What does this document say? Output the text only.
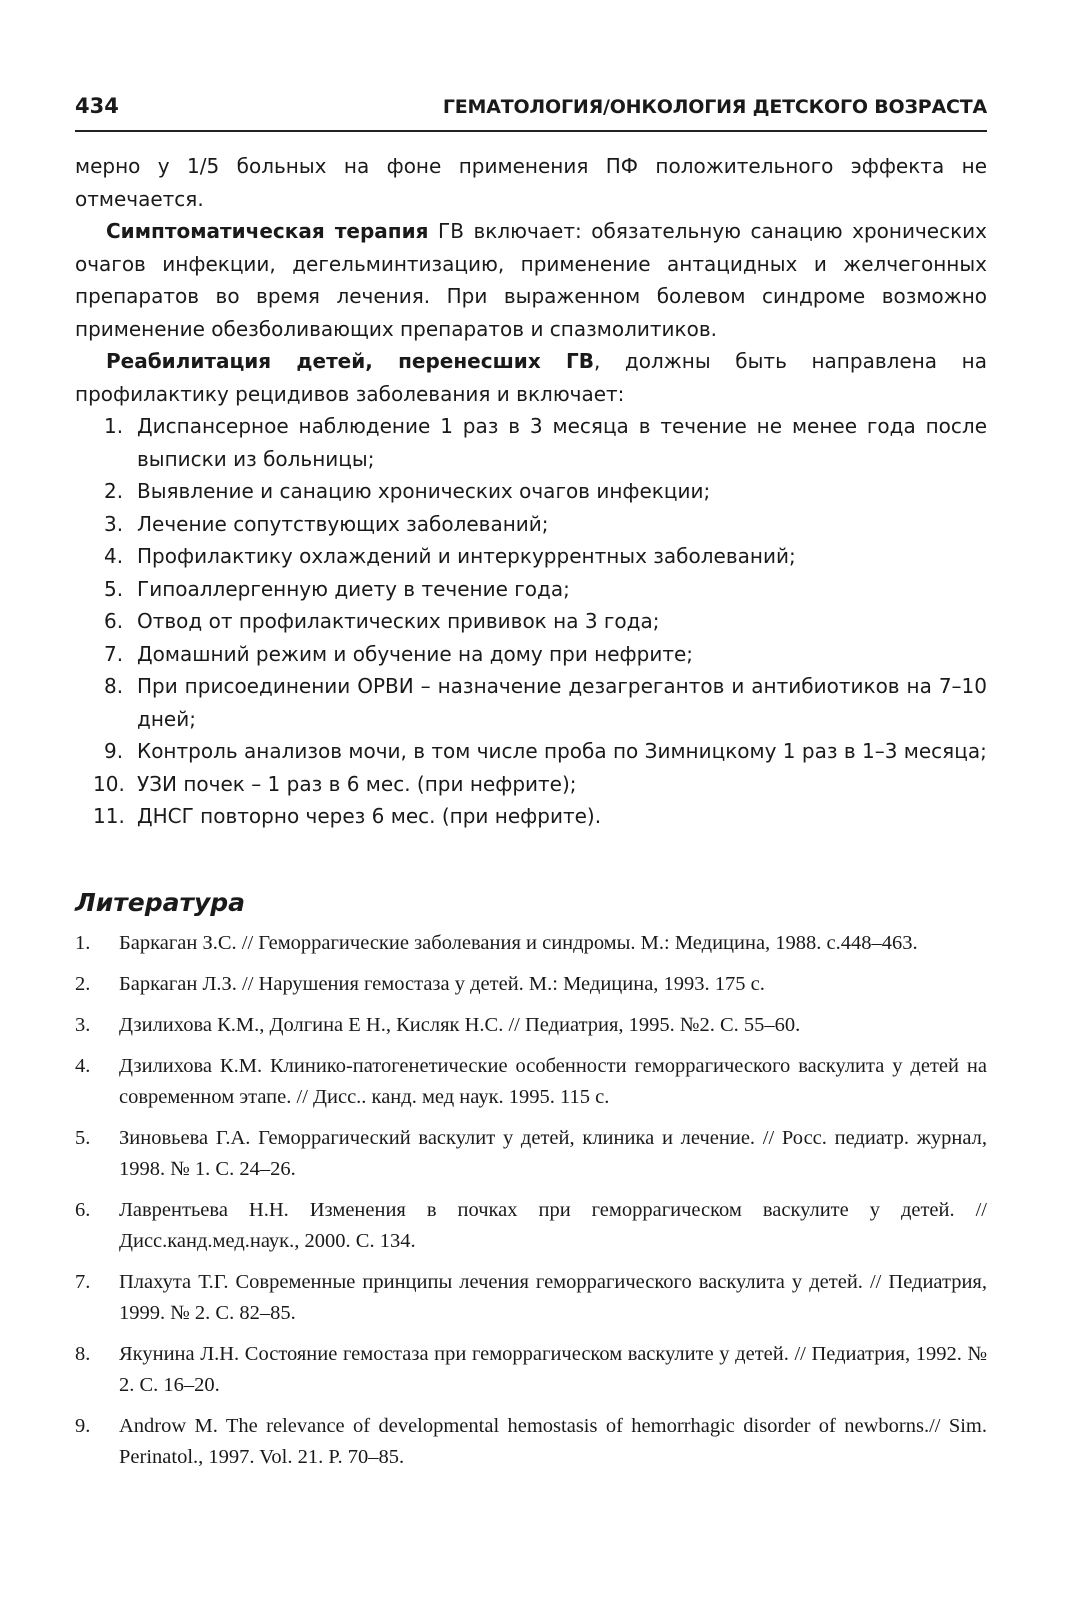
434	ГЕМАТОЛОГИЯ/ОНКОЛОГИЯ ДЕТСКОГО ВОЗРАСТА

мерно у 1/5 больных на фоне применения ПФ положительного эффекта не отмечается.

Симптоматическая терапия ГВ включает: обязательную санацию хронических очагов инфекции, дегельминтизацию, применение антацидных и желчегонных препаратов во время лечения. При выраженном болевом синдроме возможно применение обезболивающих препаратов и спазмолитиков.

Реабилитация детей, перенесших ГВ, должны быть направлена на профилактику рецидивов заболевания и включает:

1. Диспансерное наблюдение 1 раз в 3 месяца в течение не менее года после выписки из больницы;
2. Выявление и санацию хронических очагов инфекции;
3. Лечение сопутствующих заболеваний;
4. Профилактику охлаждений и интеркуррентных заболеваний;
5. Гипоаллергенную диету в течение года;
6. Отвод от профилактических прививок на 3 года;
7. Домашний режим и обучение на дому при нефрите;
8. При присоединении ОРВИ – назначение дезагрегантов и антибиотиков на 7–10 дней;
9. Контроль анализов мочи, в том числе проба по Зимницкому 1 раз в 1–3 месяца;
10. УЗИ почек – 1 раз в 6 мес. (при нефрите);
11. ДНСГ повторно через 6 мес. (при нефрите).
Литература
1. Баркаган З.С. // Геморрагические заболевания и синдромы. М.: Медицина, 1988. с.448–463.
2. Баркаган Л.З. // Нарушения гемостаза у детей. М.: Медицина, 1993. 175 с.
3. Дзилихова К.М., Долгина Е Н., Кисляк Н.С. // Педиатрия, 1995. №2. С. 55–60.
4. Дзилихова К.М. Клинико-патогенетические особенности геморрагического васкулита у детей на современном этапе. // Дисс.. канд. мед наук. 1995. 115 с.
5. Зиновьева Г.А. Геморрагический васкулит у детей, клиника и лечение. // Росс. педиатр. журнал, 1998. № 1. С. 24–26.
6. Лаврентьева Н.Н. Изменения в почках при геморрагическом васкулите у детей. // Дисс.канд.мед.наук., 2000. С. 134.
7. Плахута Т.Г. Современные принципы лечения геморрагического васкулита у детей. // Педиатрия, 1999. № 2. С. 82–85.
8. Якунина Л.Н. Состояние гемостаза при геморрагическом васкулите у детей. // Педиатрия, 1992. № 2. С. 16–20.
9. Androw M. The relevance of developmental hemostasis of hemorrhagic disorder of newborns.// Sim. Perinatol., 1997. Vol. 21. P. 70–85.
